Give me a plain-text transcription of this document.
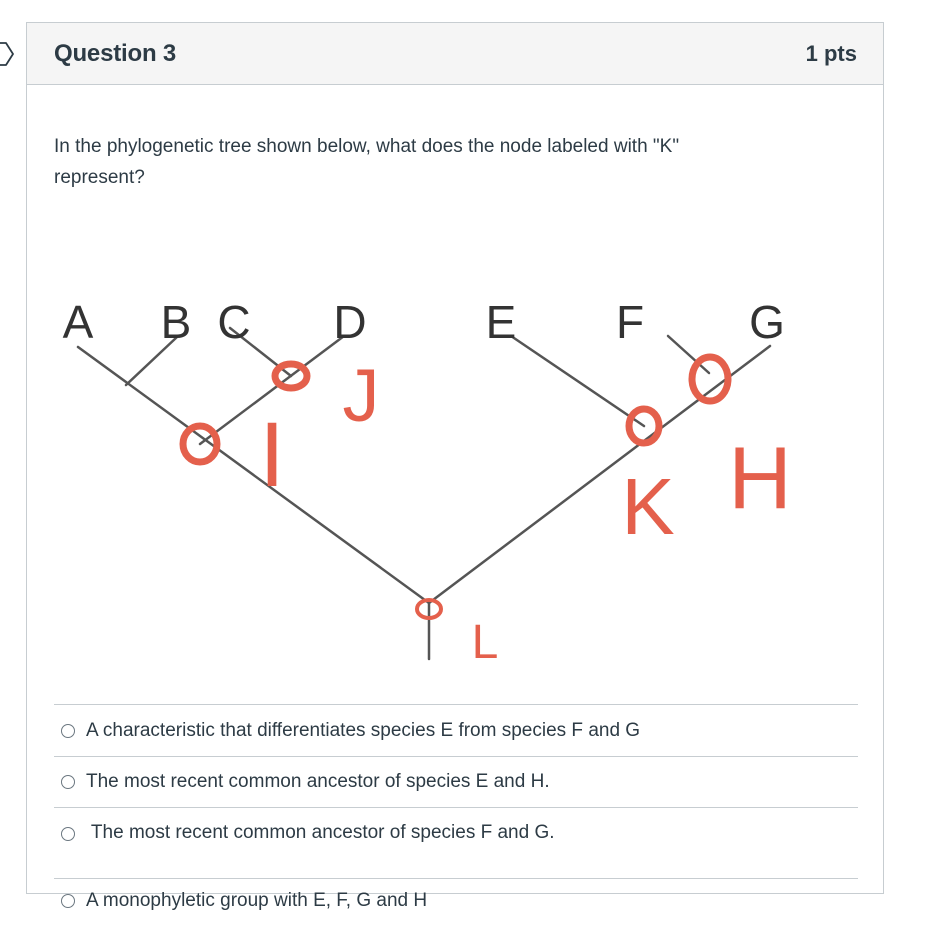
Question 3	1 pts
In the phylogenetic tree shown below, what does the node labeled with "K"
represent?
A B C D	E F G
J
I
K H
L
A characteristic that differentiates species E from species F and G
The most recent common ancestor of species E and H.
The most recent common ancestor of species F and G.
A monophyletic group with E, F, G and H
